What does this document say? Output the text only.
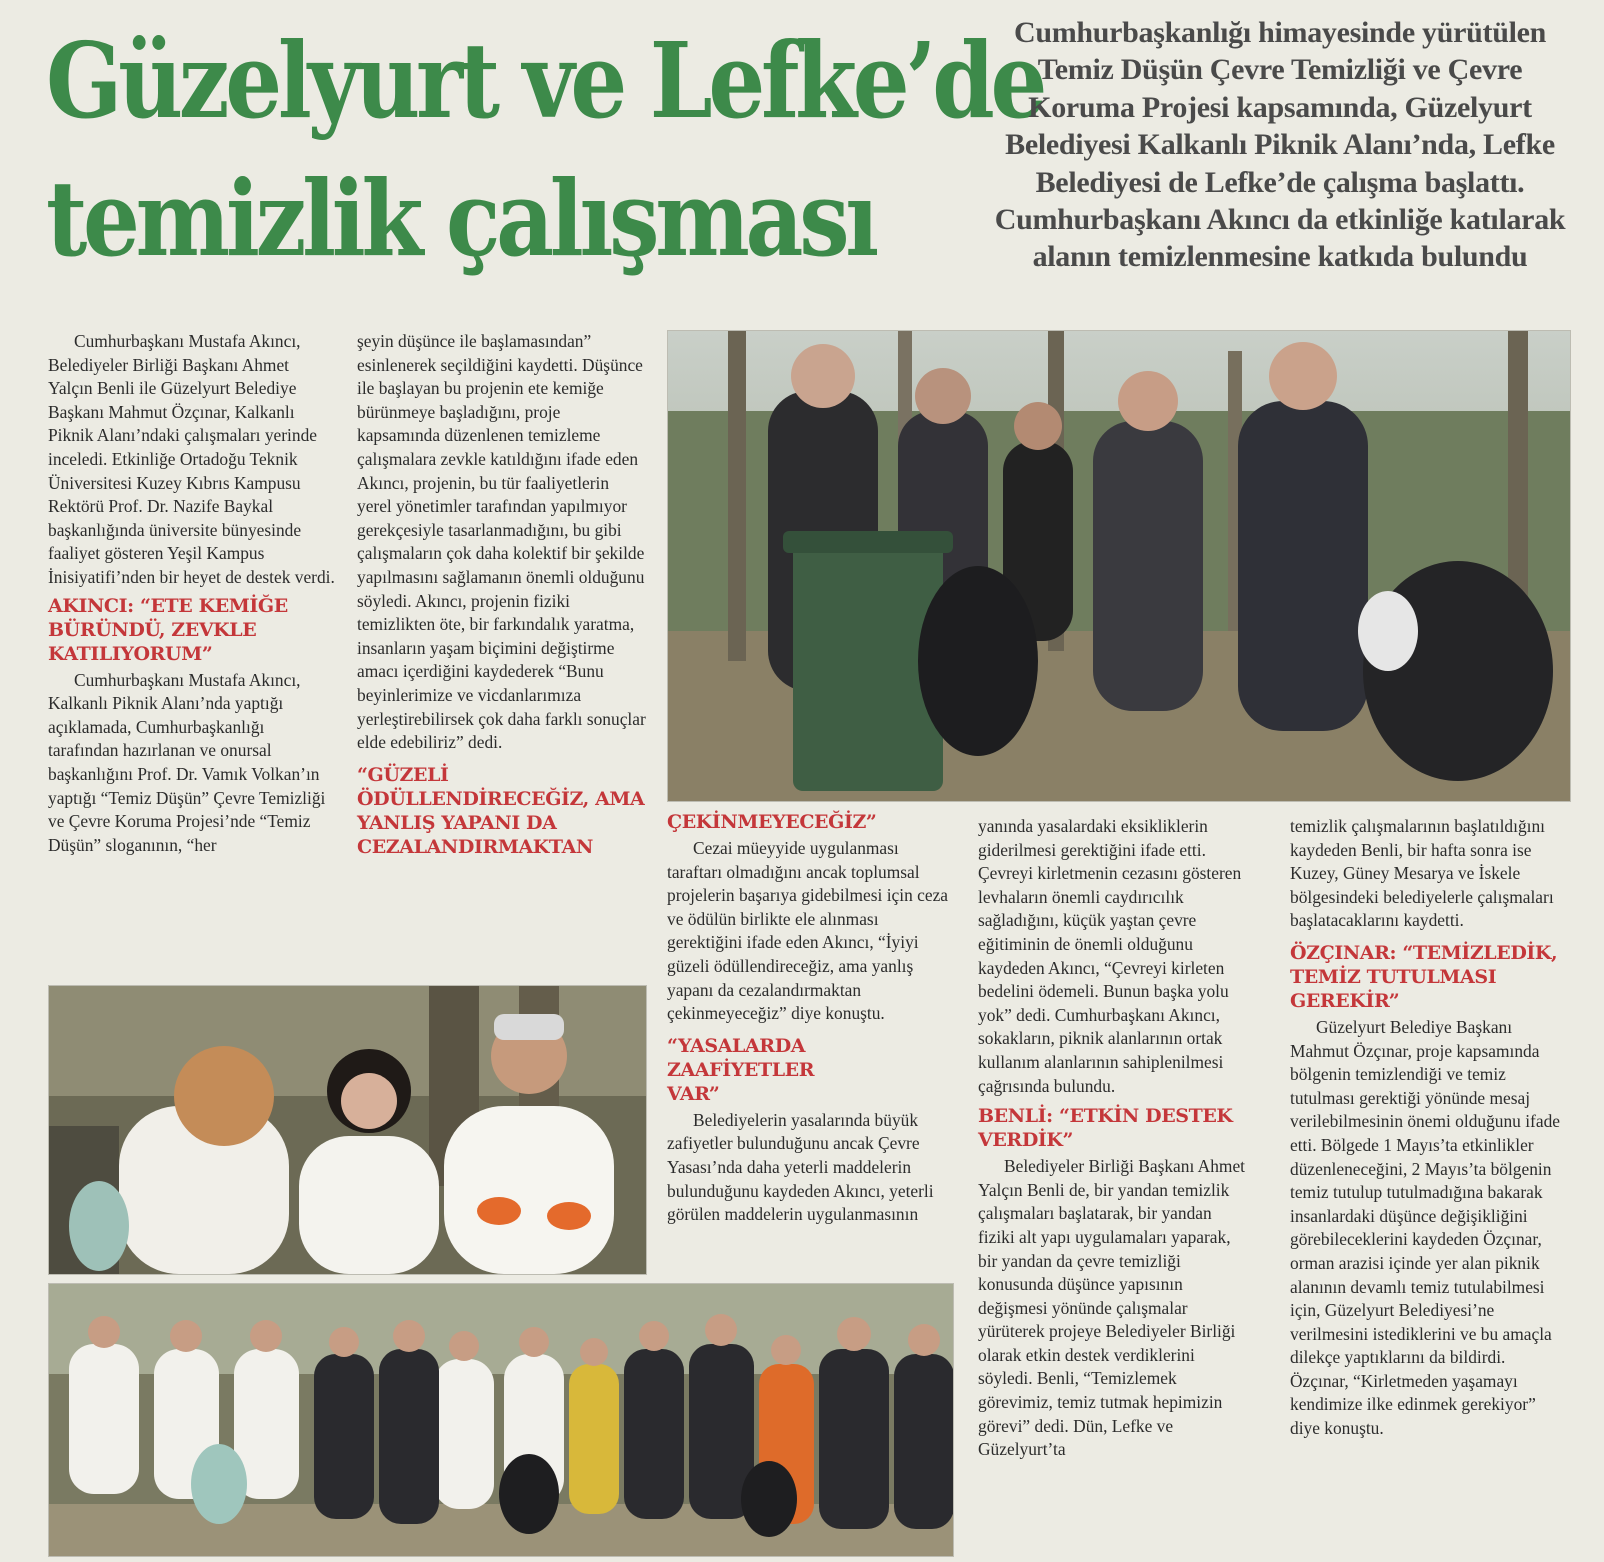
Güzelyurt ve Lefke’de
temizlik çalışması
Cumhurbaşkanlığı himayesinde yürütülen Temiz Düşün Çevre Temizliği ve Çevre Koruma Projesi kapsamında, Güzelyurt Belediyesi Kalkanlı Piknik Alanı’nda, Lefke Belediyesi de Lefke’de çalışma başlattı. Cumhurbaşkanı Akıncı da etkinliğe katılarak alanın temizlenmesine katkıda bulundu

Cumhurbaşkanı Mustafa Akıncı, Belediyeler Birliği Başkanı Ahmet Yalçın Benli ile Güzelyurt Belediye Başkanı Mahmut Özçınar, Kalkanlı Piknik Alanı’ndaki çalışmaları yerinde inceledi. Etkinliğe Ortadoğu Teknik Üniversitesi Kuzey Kıbrıs Kampusu Rektörü Prof. Dr. Nazife Baykal başkanlığında üniversite bünyesinde faaliyet gösteren Yeşil Kampus İnisiyatifi’nden bir heyet de destek verdi.

AKINCI: “ETE KEMİĞE
BÜRÜNDÜ, ZEVKLE
KATILIYORUM”

Cumhurbaşkanı Mustafa Akıncı, Kalkanlı Piknik Alanı’nda yaptığı açıklamada, Cumhurbaşkanlığı tarafından hazırlanan ve onursal başkanlığını Prof. Dr. Vamık Volkan’ın yaptığı “Temiz Düşün” Çevre Temizliği ve Çevre Koruma Projesi’nde “Temiz Düşün” sloganının, “her

şeyin düşünce ile başlamasından” esinlenerek seçildiğini kaydetti. Düşünce ile başlayan bu projenin ete kemiğe bürünmeye başladığını, proje kapsamında düzenlenen temizleme çalışmalara zevkle katıldığını ifade eden Akıncı, projenin, bu tür faaliyetlerin yerel yönetimler tarafından yapılmıyor gerekçesiyle tasarlanmadığını, bu gibi çalışmaların çok daha kolektif bir şekilde yapılmasını sağlamanın önemli olduğunu söyledi. Akıncı, projenin fiziki temizlikten öte, bir farkındalık yaratma, insanların yaşam biçimini değiştirme amacı içerdiğini kaydederek “Bunu beyinlerimize ve vicdanlarımıza yerleştirebilirsek çok daha farklı sonuçlar elde edebiliriz” dedi.

“GÜZELİ
ÖDÜLLENDİRECEĞİZ, AMA
YANLIŞ YAPANI DA
CEZALANDIRMAKTAN
ÇEKİNMEYECEĞİZ”

Cezai müeyyide uygulanması taraftarı olmadığını ancak toplumsal projelerin başarıya gidebilmesi için ceza ve ödülün birlikte ele alınması gerektiğini ifade eden Akıncı, “İyiyi güzeli ödüllendireceğiz, ama yanlış yapanı da cezalandırmaktan çekinmeyeceğiz” diye konuştu.

“YASALARDA ZAAFİYETLER
VAR”

Belediyelerin yasalarında büyük zafiyetler bulunduğunu ancak Çevre Yasası’nda daha yeterli maddelerin bulunduğunu kaydeden Akıncı, yeterli görülen maddelerin uygulanmasının

yanında yasalardaki eksikliklerin giderilmesi gerektiğini ifade etti. Çevreyi kirletmenin cezasını gösteren levhaların önemli caydırıcılık sağladığını, küçük yaştan çevre eğitiminin de önemli olduğunu kaydeden Akıncı, “Çevreyi kirleten bedelini ödemeli. Bunun başka yolu yok” dedi. Cumhurbaşkanı Akıncı, sokakların, piknik alanlarının ortak kullanım alanlarının sahiplenilmesi çağrısında bulundu.

BENLİ: “ETKİN DESTEK
VERDİK”

Belediyeler Birliği Başkanı Ahmet Yalçın Benli de, bir yandan temizlik çalışmaları başlatarak, bir yandan fiziki alt yapı uygulamaları yaparak, bir yandan da çevre temizliği konusunda düşünce yapısının değişmesi yönünde çalışmalar yürüterek projeye Belediyeler Birliği olarak etkin destek verdiklerini söyledi. Benli, “Temizlemek görevimiz, temiz tutmak hepimizin görevi” dedi. Dün, Lefke ve Güzelyurt’ta

temizlik çalışmalarının başlatıldığını kaydeden Benli, bir hafta sonra ise Kuzey, Güney Mesarya ve İskele bölgesindeki belediyelerle çalışmaları başlatacaklarını kaydetti.

ÖZÇINAR: “TEMİZLEDİK,
TEMİZ TUTULMASI
GEREKİR”

Güzelyurt Belediye Başkanı Mahmut Özçınar, proje kapsamında bölgenin temizlendiği ve temiz tutulması gerektiği yönünde mesaj verilebilmesinin önemi olduğunu ifade etti. Bölgede 1 Mayıs’ta etkinlikler düzenleneceğini, 2 Mayıs’ta bölgenin temiz tutulup tutulmadığına bakarak insanlardaki düşünce değişikliğini görebileceklerini kaydeden Özçınar, orman arazisi içinde yer alan piknik alanının devamlı temiz tutulabilmesi için, Güzelyurt Belediyesi’ne verilmesini istediklerini ve bu amaçla dilekçe yaptıklarını da bildirdi. Özçınar, “Kirletmeden yaşamayı kendimize ilke edinmek gerekiyor” diye konuştu.
